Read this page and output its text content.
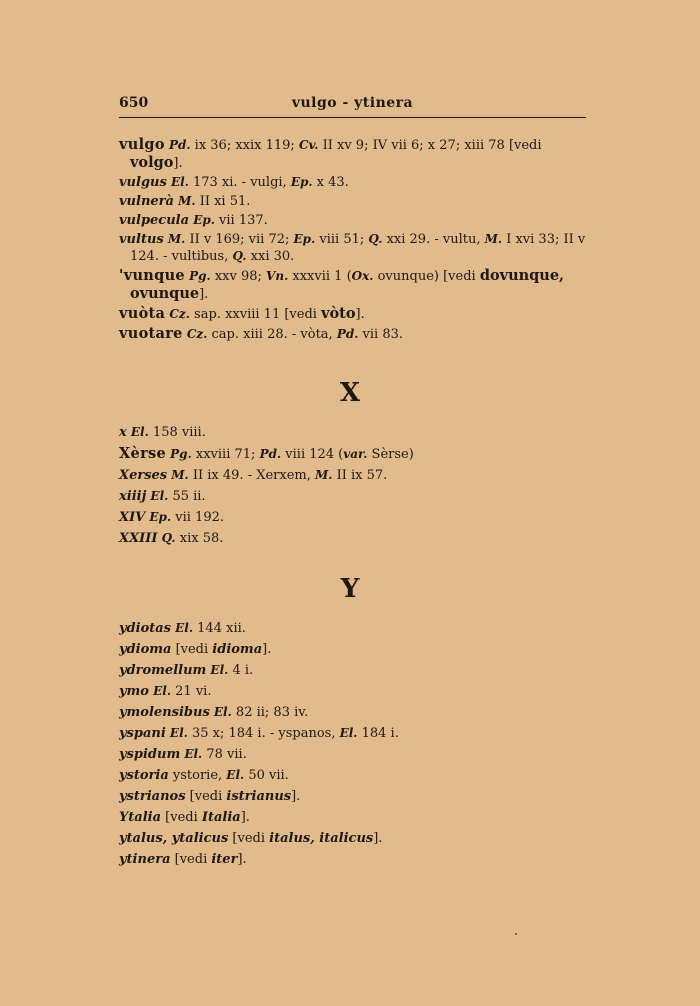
650	vulgo - ytinera

vulgo Pd. ix 36; xxix 119; Cv. II xv 9; IV vii 6; x 27; xiii 78 [vedi volgo].

vulgus El. 173 xi. - vulgi, Ep. x 43.

vulnerà M. II xi 51.

vulpecula Ep. vii 137.

vultus M. II v 169; vii 72; Ep. viii 51; Q. xxi 29. - vultu, M. I xvi 33; II v 124. - vultibus, Q. xxi 30.

'vunque Pg. xxv 98; Vn. xxxvii 1 (Ox. ovunque) [vedi dovunque, ovunque].

vuòta Cz. sap. xxviii 11 [vedi vòto].

vuotare Cz. cap. xiii 28. - vòta, Pd. vii 83.

X

x El. 158 viii.

Xèrse Pg. xxviii 71; Pd. viii 124 (var. Sèrse)

Xerses M. II ix 49. - Xerxem, M. II ix 57.

xiiij El. 55 ii.

XIV Ep. vii 192.

XXIII Q. xix 58.

Y

ydiotas El. 144 xii.

ydioma [vedi idioma].

ydromellum El. 4 i.

ymo El. 21 vi.

ymolensibus El. 82 ii; 83 iv.

yspani El. 35 x; 184 i. - yspanos, El. 184 i.

yspidum El. 78 vii.

ystoria ystorie, El. 50 vii.

ystrianos [vedi istrianus].

Ytalia [vedi Italia].

ytalus, ytalicus [vedi italus, italicus].

ytinera [vedi iter].
